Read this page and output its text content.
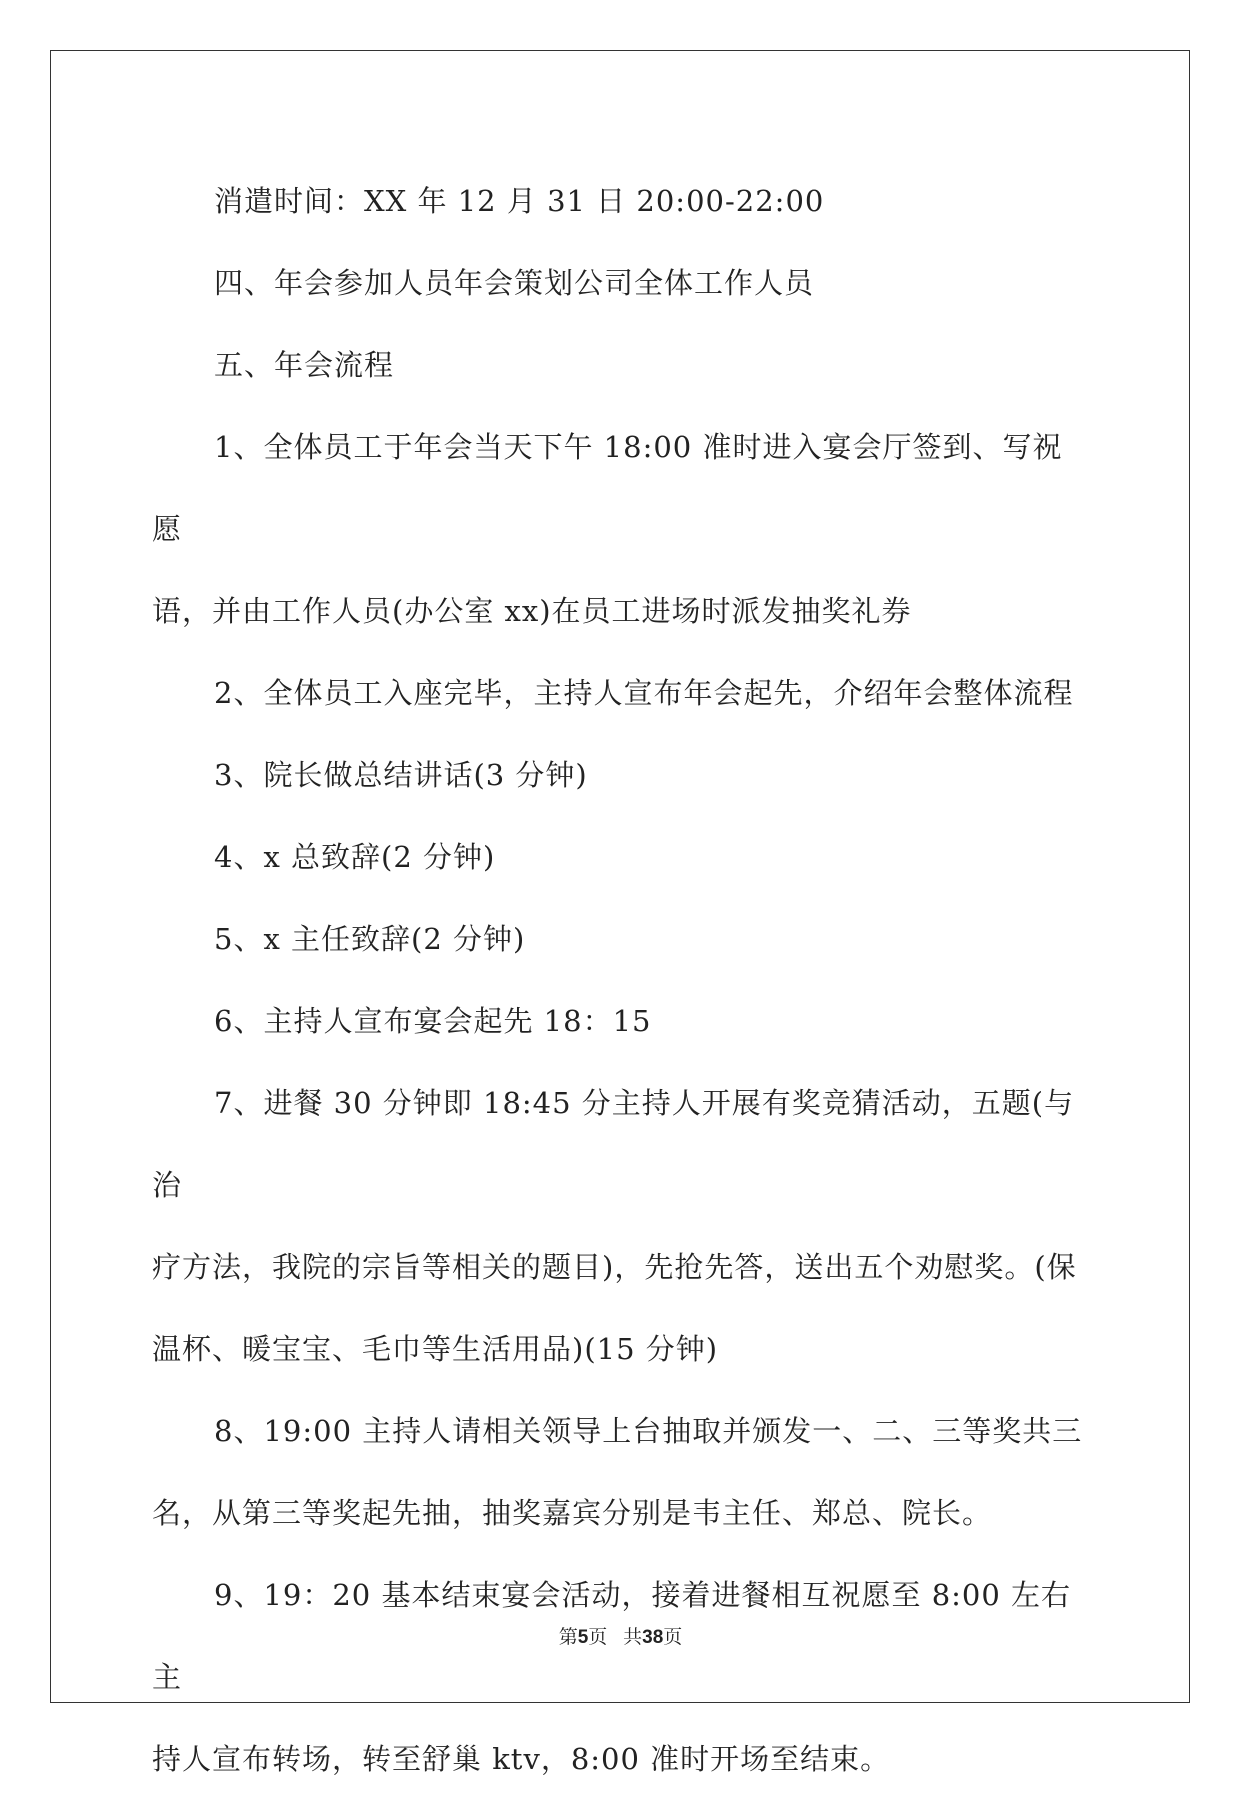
消遣时间：XX 年 12 月 31 日 20:00-22:00

四、年会参加人员年会策划公司全体工作人员

五、年会流程

1、全体员工于年会当天下午 18:00 准时进入宴会厅签到、写祝愿
语，并由工作人员(办公室 xx)在员工进场时派发抽奖礼券

2、全体员工入座完毕，主持人宣布年会起先，介绍年会整体流程

3、院长做总结讲话(3 分钟)

4、x 总致辞(2 分钟)

5、x 主任致辞(2 分钟)

6、主持人宣布宴会起先 18：15

7、进餐 30 分钟即 18:45 分主持人开展有奖竞猜活动，五题(与治
疗方法，我院的宗旨等相关的题目)，先抢先答，送出五个劝慰奖。(保
温杯、暖宝宝、毛巾等生活用品)(15 分钟)

8、19:00 主持人请相关领导上台抽取并颁发一、二、三等奖共三
名，从第三等奖起先抽，抽奖嘉宾分别是韦主任、郑总、院长。

9、19：20 基本结束宴会活动，接着进餐相互祝愿至 8:00 左右主
持人宣布转场，转至舒巢 ktv，8:00 准时开场至结束。

第5页 共38页
